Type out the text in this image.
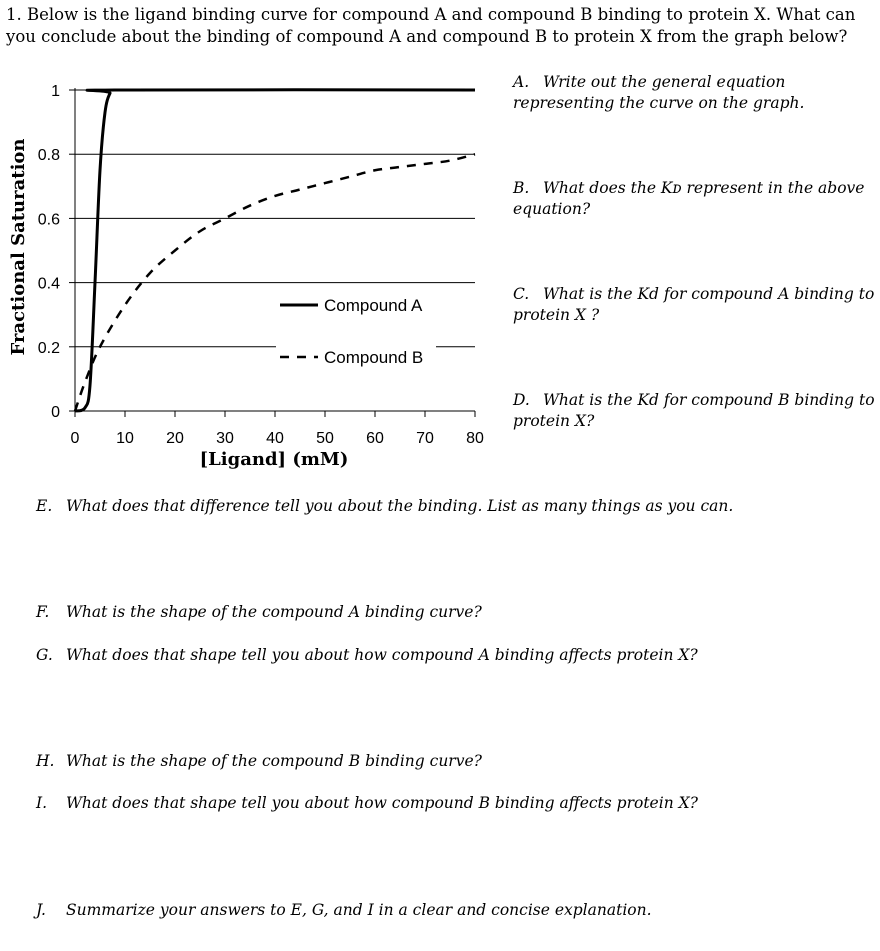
1. Below is the ligand binding curve for compound A and compound B binding to protein X. What can you conclude about the binding of compound A and compound B to protein X from the graph below?
0
0.2
0.4
0.6
0.8
1
0 10 20 30 40 50 60 70 80
Compound A
Compound B
[Ligand] (mM)
Fractional Saturation
A. Write out the general equation representing the curve on the graph.
B. What does the Kᴅ represent in the above equation?
C. What is the Kd for compound A binding to protein X ?
D. What is the Kd for compound B binding to protein X?
E. What does that difference tell you about the binding. List as many things as you can.
F. What is the shape of the compound A binding curve?
G. What does that shape tell you about how compound A binding affects protein X?
H. What is the shape of the compound B binding curve?
I. What does that shape tell you about how compound B binding affects protein X?
J. Summarize your answers to E, G, and I in a clear and concise explanation.
